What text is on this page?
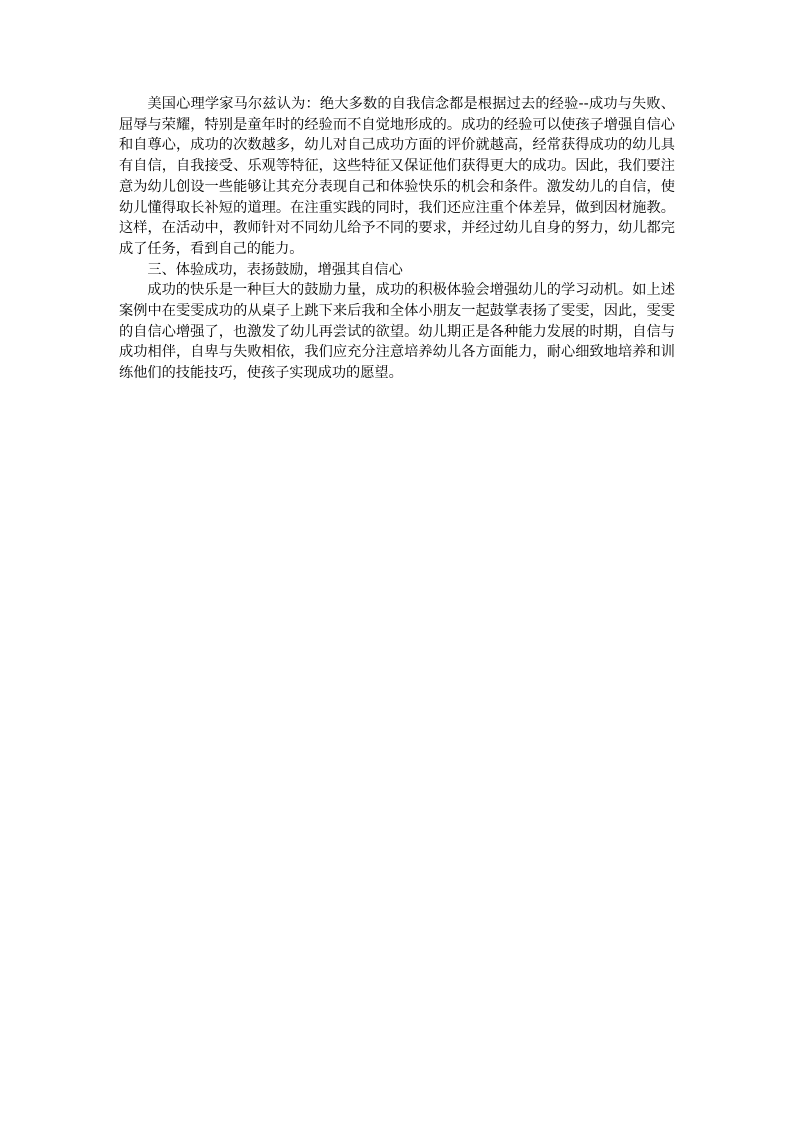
美国心理学家马尔兹认为：绝大多数的自我信念都是根据过去的经验--成功与失败、屈辱与荣耀，特别是童年时的经验而不自觉地形成的。成功的经验可以使孩子增强自信心和自尊心，成功的次数越多，幼儿对自己成功方面的评价就越高，经常获得成功的幼儿具有自信，自我接受、乐观等特征，这些特征又保证他们获得更大的成功。因此，我们要注意为幼儿创设一些能够让其充分表现自己和体验快乐的机会和条件。激发幼儿的自信，使幼儿懂得取长补短的道理。在注重实践的同时，我们还应注重个体差异，做到因材施教。这样，在活动中，教师针对不同幼儿给予不同的要求，并经过幼儿自身的努力，幼儿都完成了任务，看到自己的能力。

三、体验成功，表扬鼓励，增强其自信心

成功的快乐是一种巨大的鼓励力量，成功的积极体验会增强幼儿的学习动机。如上述案例中在雯雯成功的从桌子上跳下来后我和全体小朋友一起鼓掌表扬了雯雯，因此，雯雯的自信心增强了，也激发了幼儿再尝试的欲望。幼儿期正是各种能力发展的时期，自信与成功相伴，自卑与失败相依，我们应充分注意培养幼儿各方面能力，耐心细致地培养和训练他们的技能技巧，使孩子实现成功的愿望。
